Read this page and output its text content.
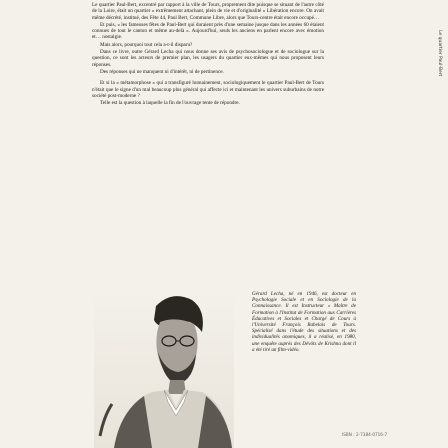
Le quartier Paul-Bert, excentré par rapport à la ville de Tours, proprement dite puisque se situant de l'autre côté de la Loire, était un quartier « extrêmement attachant, plein de vie et d'originalité » Libération encore. On avait même décrété, institué, des Fête 44, Paul Bert, Commune Libre, alors que Tours-centre était encore occupé…

Et puis, « les fameuses fêtes de Paul-Bert qui duraient près d'une semaine jusque dans les années 60 étaient connues de tout le canton et même au-delà ». Aujourd'hui, seuls les anciens en parlent encore avec émotion et… nostalgie.

Mais alors, pourquoi tout cela a-t-il disparu?

Dans ce livre, outre Gérard Lecha qui nous donne ses avis de psychosociologue et de sociologue sur la question, ce sont les acteurs de premier plan, les usagers du quartier eux-mêmes qui nous proposent leurs réponses.

Des réponses qui ne manquent ni d'intérêt, ni de pertinence.

Et si la « métamorphose » qui a transfiguré humainement, sociologiquement le quartier Paul-Bert de Tours n'était que le signe d'un mal beaucoup plus général qui affecte ici et maintenant les univers suburbains de notre société post-moderne ?

Telle est la question à laquelle la fin de l'ouvrage tente de répondre.

Gérard Lecha, né en 1946, est docteur en Psychologie Sociale et en Sociologie de la Connaissance. Il est Instructeur « Maître de Formation à l'Institut de Formation aux Carrières Éducatives et Sociales et Chargé de Cours à l'Université François Rabelais de Tours. Spécialisé dans l'étude des situations et des individualités anomiques, il a réalisé, en 1980, une enquête auprès des Dévôts de Krishna dont il a été tiré un film-vidéo.

Le quartier Paul-Bert
ISBN : 2-7384-0716-7
